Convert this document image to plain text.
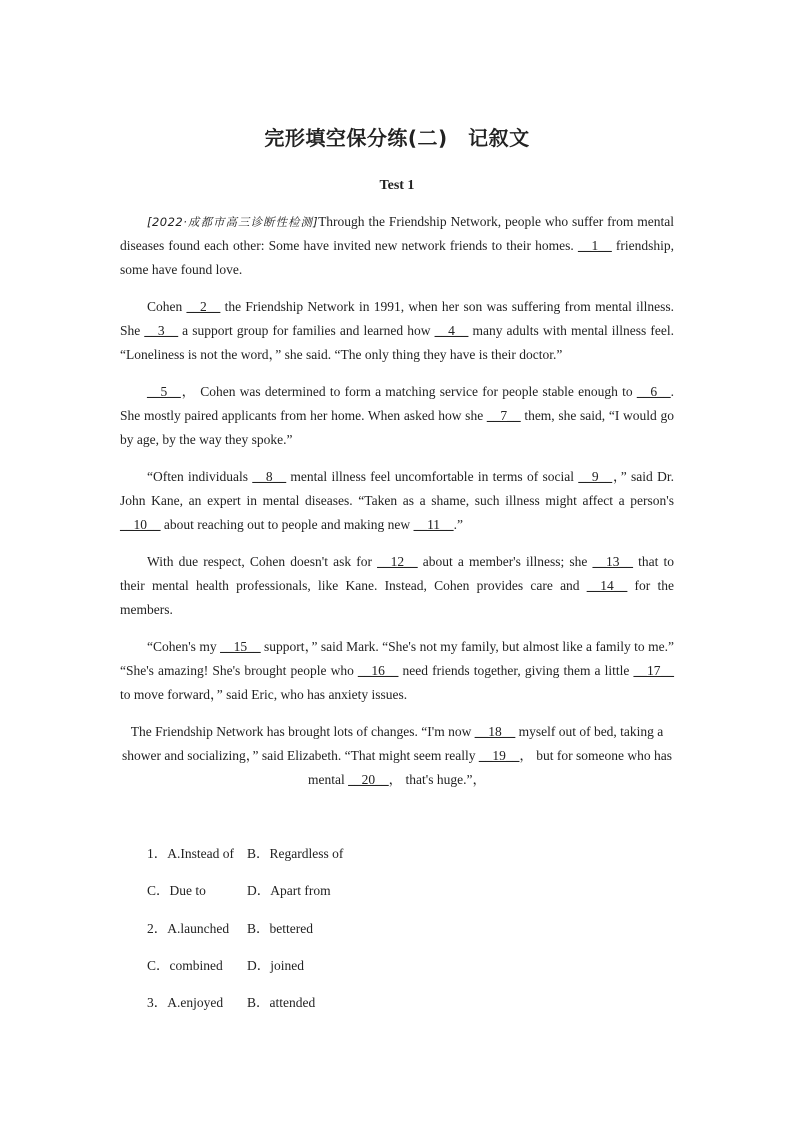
完形填空保分练(二)　记叙文
Test 1

[2022·成都市高三诊断性检测]Through the Friendship Network, people who suffer from mental diseases found each other: Some have invited new network friends to their homes. __1__ friendship, some have found love.

Cohen __2__ the Friendship Network in 1991, when her son was suffering from mental illness. She __3__ a support group for families and learned how __4__ many adults with mental illness feel. “Loneliness is not the word，” she said. “The only thing they have is their doctor.”

__5__， Cohen was determined to form a matching service for people stable enough to __6__. She mostly paired applicants from her home. When asked how she __7__ them, she said, “I would go by age, by the way they spoke.”

“Often individuals __8__ mental illness feel uncomfortable in terms of social __9__，” said Dr. John Kane, an expert in mental diseases. “Taken as a shame, such illness might affect a person's __10__ about reaching out to people and making new __11__.”

With due respect, Cohen doesn't ask for __12__ about a member's illness; she __13__ that to their mental health professionals, like Kane. Instead, Cohen provides care and __14__ for the members.

“Cohen's my __15__ support，” said Mark. “She's not my family, but almost like a family to me.” “She's amazing! She's brought people who __16__ need friends together, giving them a little __17__ to move forward，” said Eric, who has anxiety issues.

The Friendship Network has brought lots of changes. “I'm now __18__ myself out of bed, taking a shower and socializing，” said Elizabeth. “That might seem really __19__， but for someone who has mental __20__， that's huge.”，

1．A.Instead of B．Regardless of
C．Due to	D．Apart from
2．A.launched B．bettered
C．combined D．joined
3．A.enjoyed B．attended
